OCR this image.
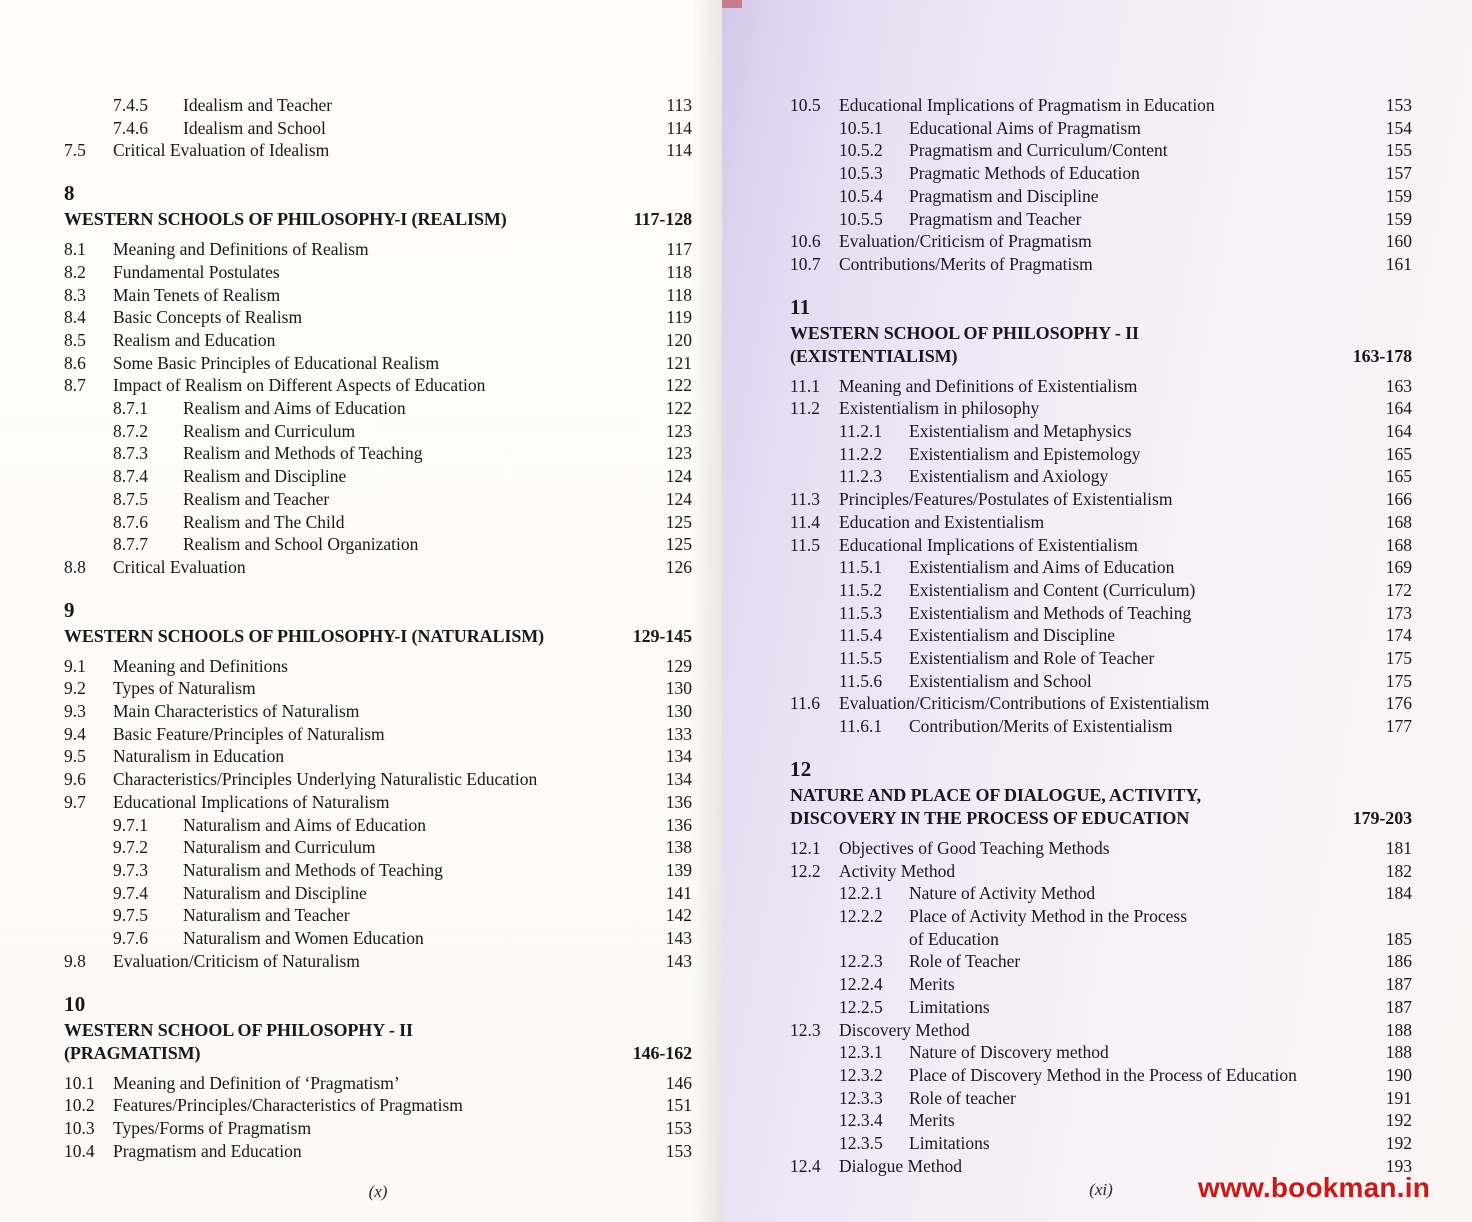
7.4.5	Idealism and Teacher	113
7.4.6	Idealism and School	114
7.5	Critical Evaluation of Idealism	114
8
WESTERN SCHOOLS OF PHILOSOPHY-I (REALISM)	117-128
8.1	Meaning and Definitions of Realism	117
8.2	Fundamental Postulates	118
8.3	Main Tenets of Realism	118
8.4	Basic Concepts of Realism	119
8.5	Realism and Education	120
8.6	Some Basic Principles of Educational Realism	121
8.7	Impact of Realism on Different Aspects of Education	122
8.7.1	Realism and Aims of Education	122
8.7.2	Realism and Curriculum	123
8.7.3	Realism and Methods of Teaching	123
8.7.4	Realism and Discipline	124
8.7.5	Realism and Teacher	124
8.7.6	Realism and The Child	125
8.7.7	Realism and School Organization	125
8.8	Critical Evaluation	126
9
WESTERN SCHOOLS OF PHILOSOPHY-I (NATURALISM)	129-145
9.1	Meaning and Definitions	129
9.2	Types of Naturalism	130
9.3	Main Characteristics of Naturalism	130
9.4	Basic Feature/Principles of Naturalism	133
9.5	Naturalism in Education	134
9.6	Characteristics/Principles Underlying Naturalistic Education	134
9.7	Educational Implications of Naturalism	136
9.7.1	Naturalism and Aims of Education	136
9.7.2	Naturalism and Curriculum	138
9.7.3	Naturalism and Methods of Teaching	139
9.7.4	Naturalism and Discipline	141
9.7.5	Naturalism and Teacher	142
9.7.6	Naturalism and Women Education	143
9.8	Evaluation/Criticism of Naturalism	143
10
WESTERN SCHOOL OF PHILOSOPHY - II
(PRAGMATISM)	146-162
10.1	Meaning and Definition of ‘Pragmatism’	146
10.2	Features/Principles/Characteristics of Pragmatism	151
10.3	Types/Forms of Pragmatism	153
10.4	Pragmatism and Education	153
(x)
10.5	Educational Implications of Pragmatism in Education	153
10.5.1	Educational Aims of Pragmatism	154
10.5.2	Pragmatism and Curriculum/Content	155
10.5.3	Pragmatic Methods of Education	157
10.5.4	Pragmatism and Discipline	159
10.5.5	Pragmatism and Teacher	159
10.6	Evaluation/Criticism of Pragmatism	160
10.7	Contributions/Merits of Pragmatism	161
11
WESTERN SCHOOL OF PHILOSOPHY - II
(EXISTENTIALISM)	163-178
11.1	Meaning and Definitions of Existentialism	163
11.2	Existentialism in philosophy	164
11.2.1	Existentialism and Metaphysics	164
11.2.2	Existentialism and Epistemology	165
11.2.3	Existentialism and Axiology	165
11.3	Principles/Features/Postulates of Existentialism	166
11.4	Education and Existentialism	168
11.5	Educational Implications of Existentialism	168
11.5.1	Existentialism and Aims of Education	169
11.5.2	Existentialism and Content (Curriculum)	172
11.5.3	Existentialism and Methods of Teaching	173
11.5.4	Existentialism and Discipline	174
11.5.5	Existentialism and Role of Teacher	175
11.5.6	Existentialism and School	175
11.6	Evaluation/Criticism/Contributions of Existentialism	176
11.6.1	Contribution/Merits of Existentialism	177
12
NATURE AND PLACE OF DIALOGUE, ACTIVITY,
DISCOVERY IN THE PROCESS OF EDUCATION	179-203
12.1	Objectives of Good Teaching Methods	181
12.2	Activity Method	182
12.2.1	Nature of Activity Method	184
12.2.2	Place of Activity Method in the Process
of Education	185
12.2.3	Role of Teacher	186
12.2.4	Merits	187
12.2.5	Limitations	187
12.3	Discovery Method	188
12.3.1	Nature of Discovery method	188
12.3.2	Place of Discovery Method in the Process of Education	190
12.3.3	Role of teacher	191
12.3.4	Merits	192
12.3.5	Limitations	192
12.4	Dialogue Method	193
(xi)	www.bookman.in
